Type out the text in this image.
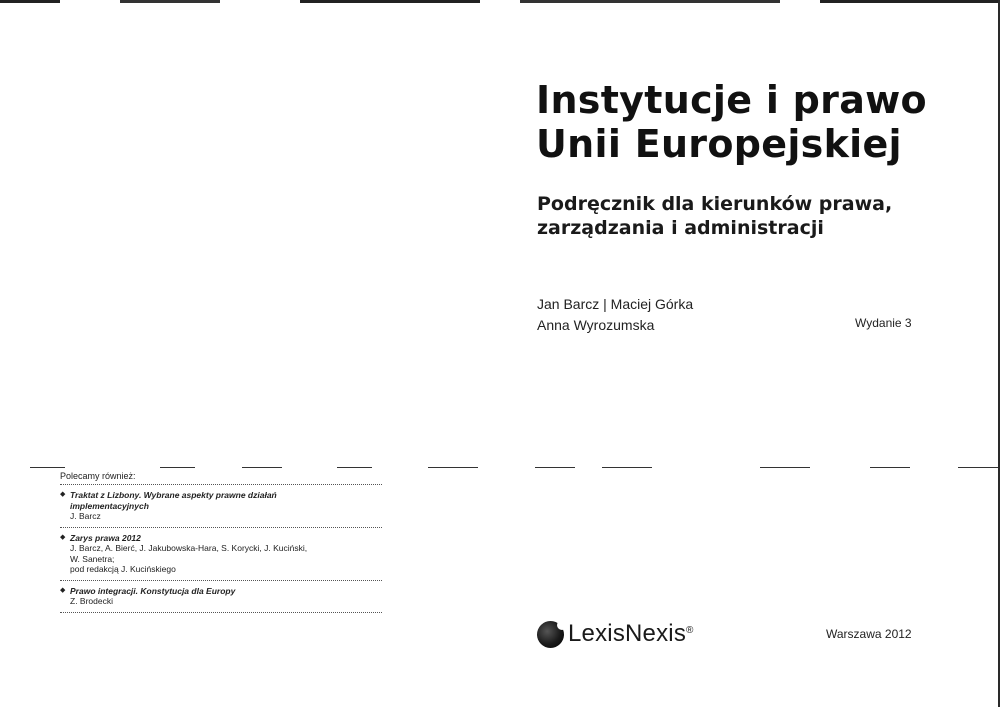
Instytucje i prawo
Unii Europejskiej
Podręcznik dla kierunków prawa,
zarządzania i administracji
Jan Barcz | Maciej Górka
Anna Wyrozumska	Wydanie 3
Polecamy również:
◆ Traktat z Lizbony. Wybrane aspekty prawne działań
implementacyjnych
J. Barcz
◆ Zarys prawa 2012
J. Barcz, A. Bierć, J. Jakubowska-Hara, S. Korycki, J. Kuciński,
W. Sanetra;
pod redakcją J. Kucińskiego
◆ Prawo integracji. Konstytucja dla Europy
Z. Brodecki
LexisNexis®	Warszawa 2012
